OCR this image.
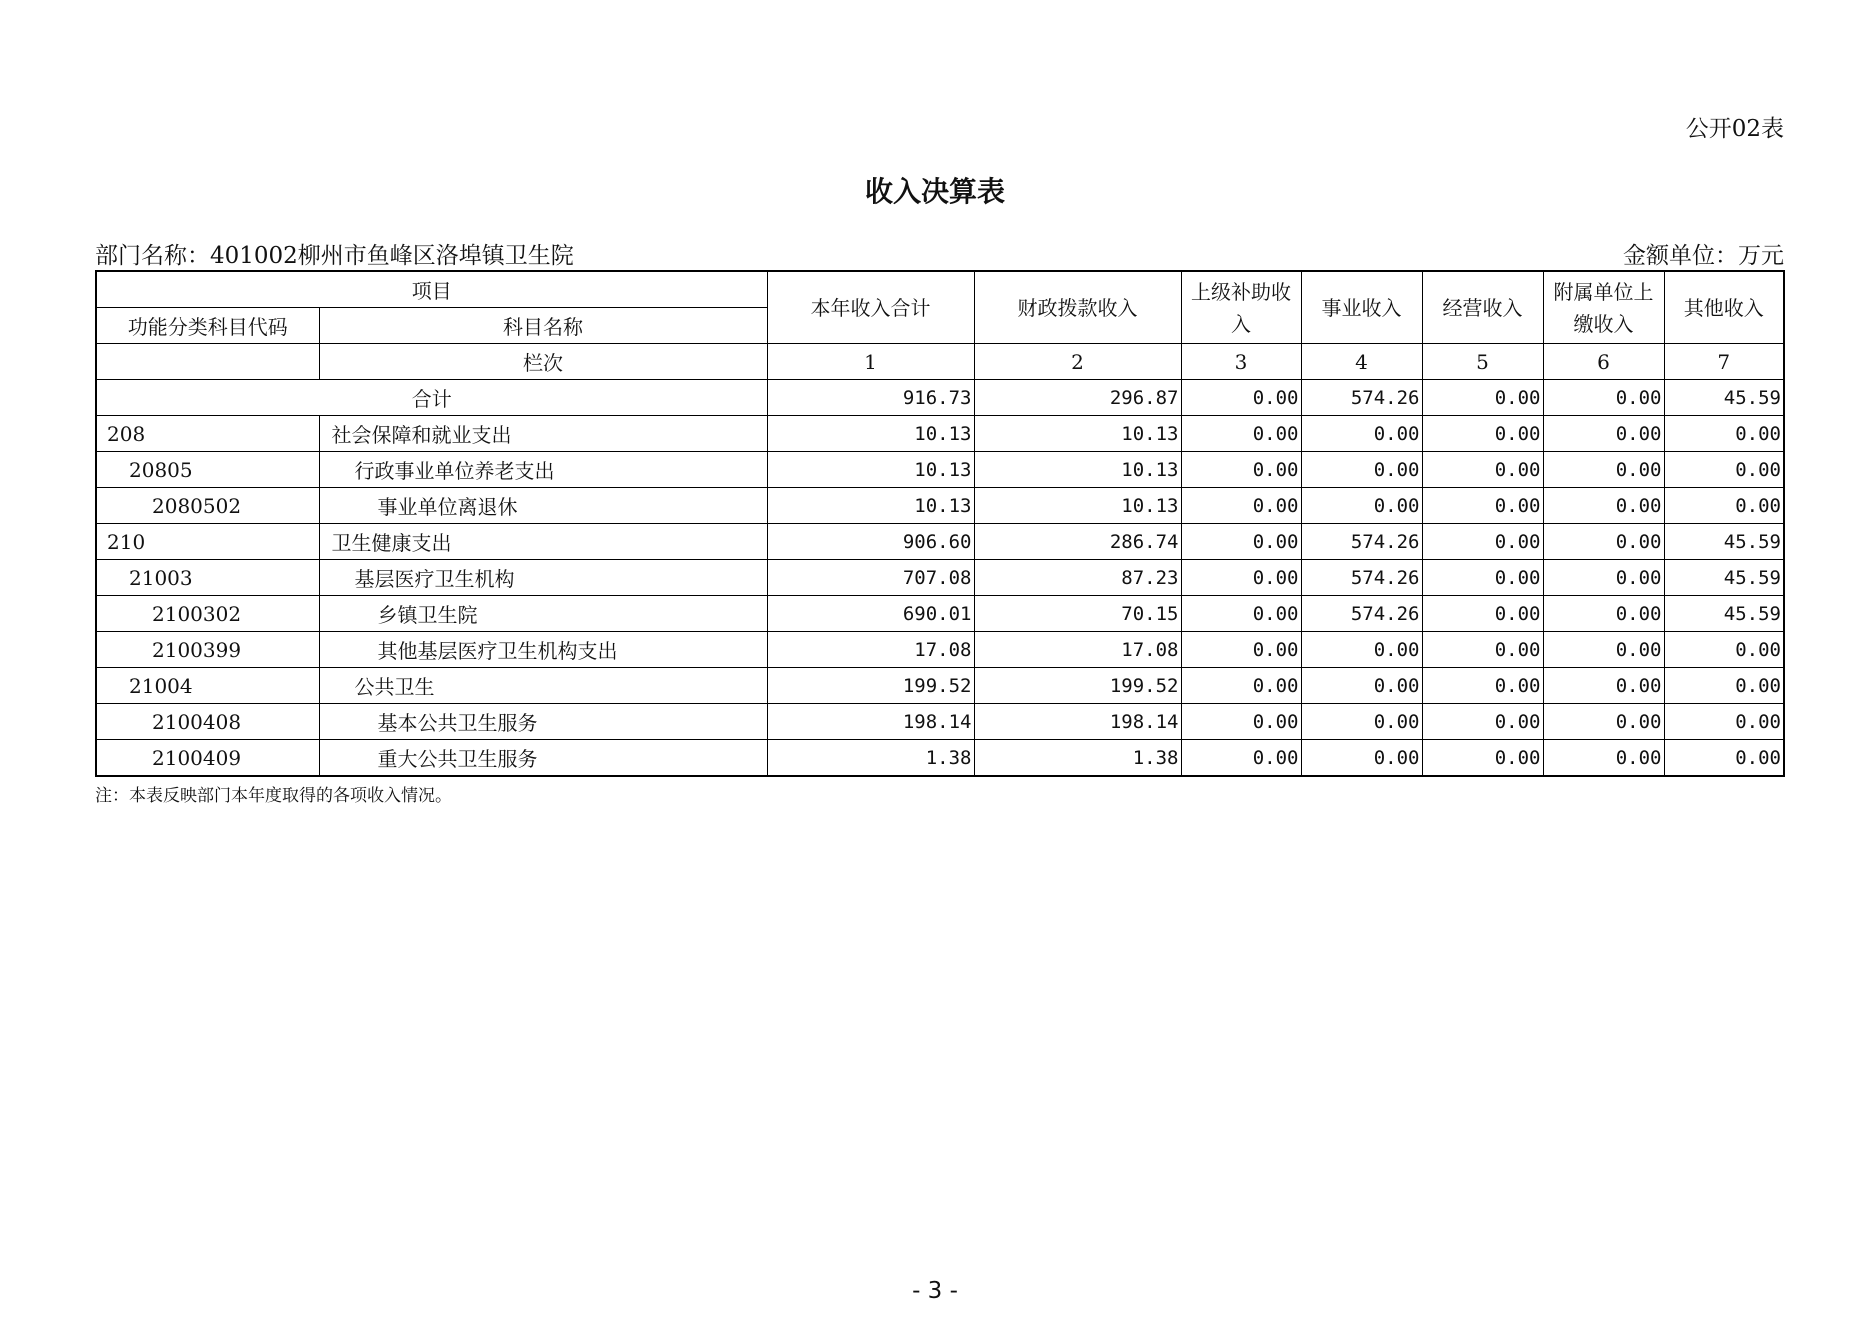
公开02表
收入决算表
部门名称：401002柳州市鱼峰区洛埠镇卫生院	金额单位：万元
项目		本年收入合计	财政拨款收入	上级补助收入	事业收入	经营收入	附属单位上缴收入	其他收入
功能分类科目代码	科目名称							
	栏次	1	2	3	4	5	6	7
合计		916.73	296.87	0.00	574.26	0.00	0.00	45.59
208	社会保障和就业支出	10.13	10.13	0.00	0.00	0.00	0.00	0.00
20805	行政事业单位养老支出	10.13	10.13	0.00	0.00	0.00	0.00	0.00
2080502	事业单位离退休	10.13	10.13	0.00	0.00	0.00	0.00	0.00
210	卫生健康支出	906.60	286.74	0.00	574.26	0.00	0.00	45.59
21003	基层医疗卫生机构	707.08	87.23	0.00	574.26	0.00	0.00	45.59
2100302	乡镇卫生院	690.01	70.15	0.00	574.26	0.00	0.00	45.59
2100399	其他基层医疗卫生机构支出	17.08	17.08	0.00	0.00	0.00	0.00	0.00
21004	公共卫生	199.52	199.52	0.00	0.00	0.00	0.00	0.00
2100408	基本公共卫生服务	198.14	198.14	0.00	0.00	0.00	0.00	0.00
2100409	重大公共卫生服务	1.38	1.38	0.00	0.00	0.00	0.00	0.00
注：本表反映部门本年度取得的各项收入情况。
- 3 -
